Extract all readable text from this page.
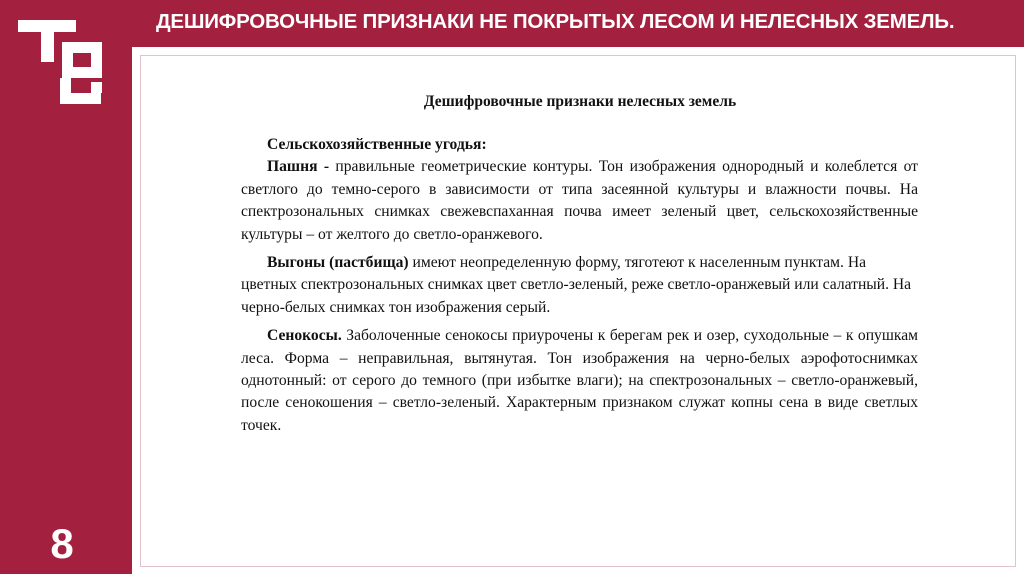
8
ДЕШИФРОВОЧНЫЕ ПРИЗНАКИ НЕ ПОКРЫТЫХ ЛЕСОМ И НЕЛЕСНЫХ ЗЕМЕЛЬ.
Дешифровочные признаки нелесных земель

Сельскохозяйственные угодья:

Пашня - правильные геометрические контуры. Тон изображения однородный и колеблется от светлого до темно-серого в зависимости от типа засеянной культуры и влажности почвы. На спектрозональных снимках свежевспаханная почва имеет зеленый цвет, сельскохозяйственные культуры – от желтого до светло-оранжевого.

Выгоны (пастбища) имеют неопределенную форму, тяготеют к населенным пунктам. На цветных спектрозональных снимках цвет светло-зеленый, реже светло-оранжевый или салатный. На черно-белых снимках тон изображения серый.

Сенокосы. Заболоченные сенокосы приурочены к берегам рек и озер, суходольные – к опушкам леса. Форма – неправильная, вытянутая. Тон изображения на черно-белых аэрофотоснимках однотонный: от серого до темного (при избытке влаги); на спектрозональных – светло-оранжевый, после сенокошения – светло-зеленый. Характерным признаком служат копны сена в виде светлых точек.
